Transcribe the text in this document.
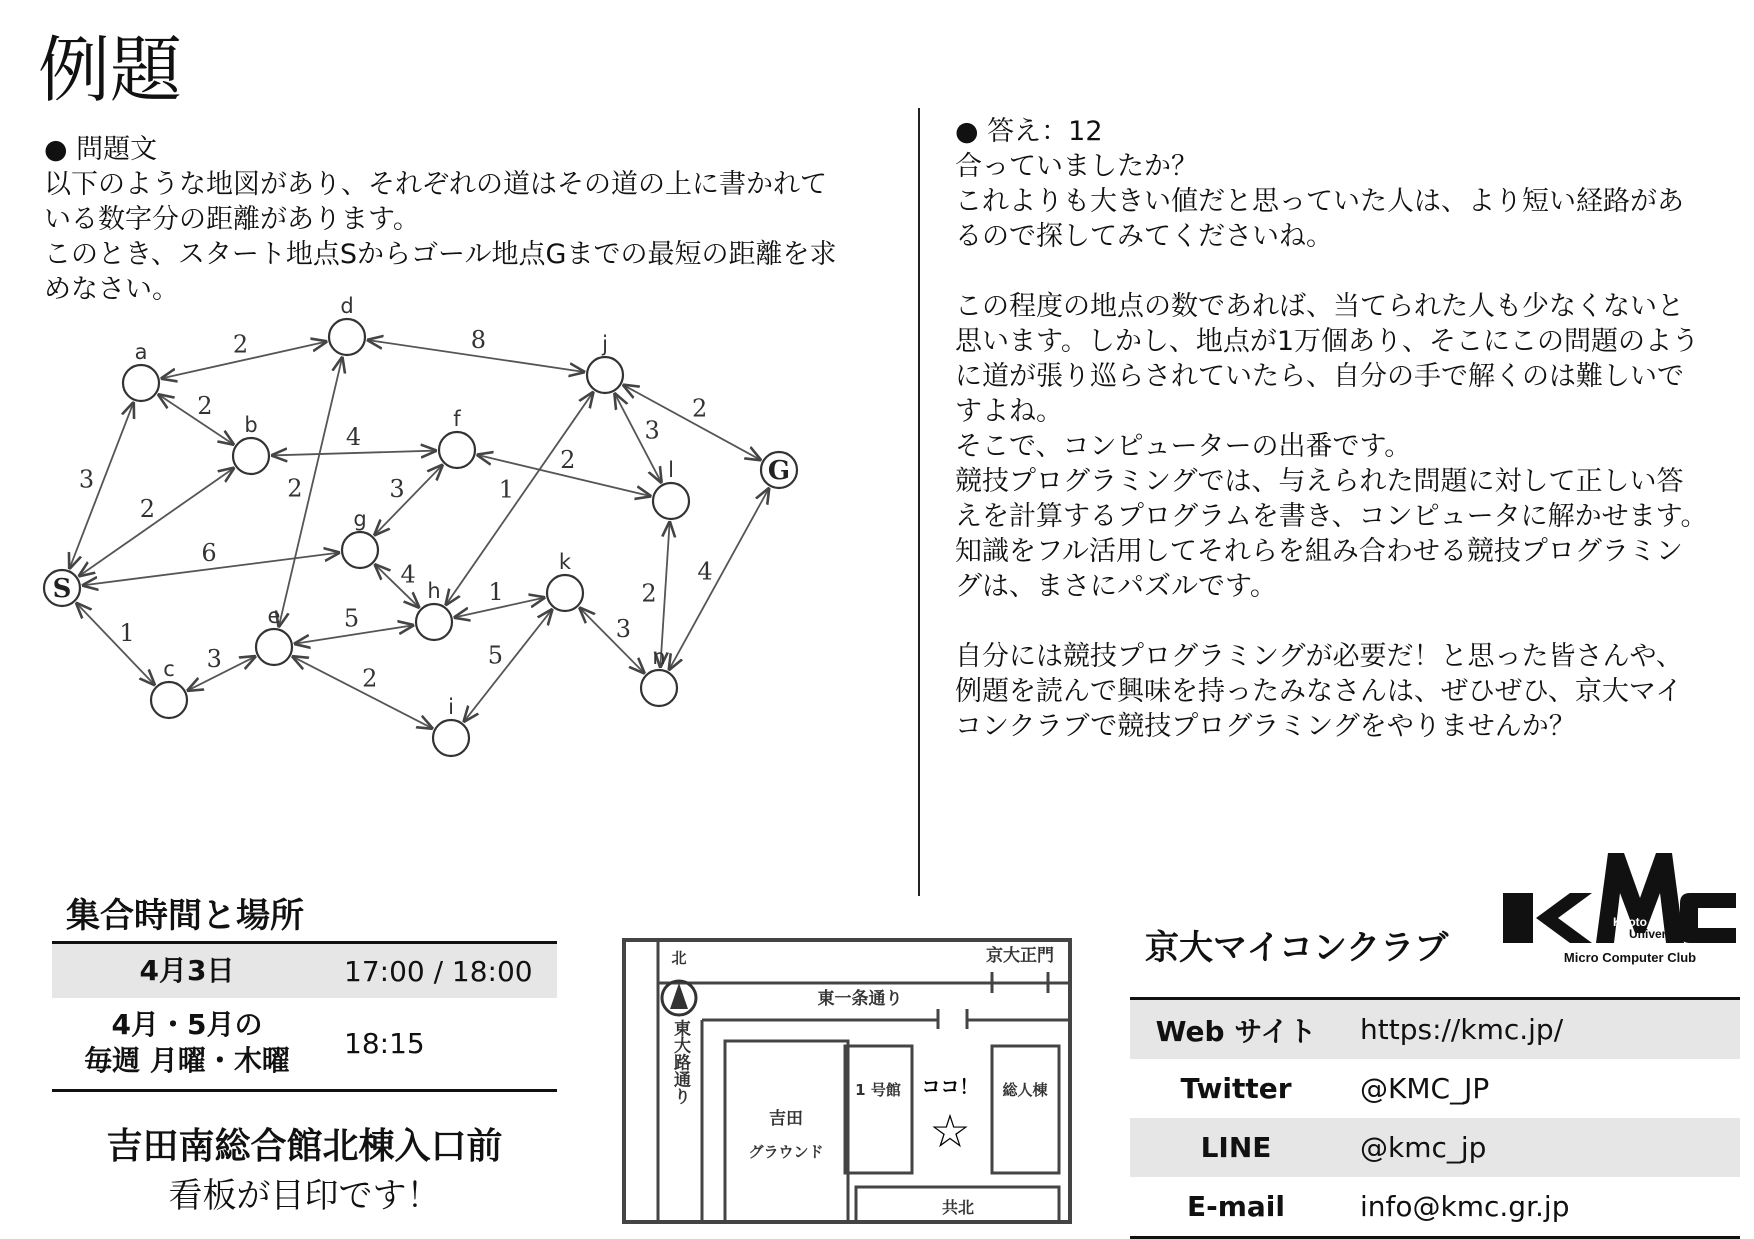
例題
● 問題文
以下のような地図があり、それぞれの道はその道の上に書かれて
いる数字分の距離があります。
このとき、スタート地点Sからゴール地点Gまでの最短の距離を求
めなさい。
3
2
6
1
2
2
4
8
2	3
2
4
1
1
5
3
2
5
3
3
2
2
4
S
a
b
c
d
e
f
g
h
i
j
k
l
n
G
● 答え：12
合っていましたか？
これよりも大きい値だと思っていた人は、より短い経路があ
るので探してみてくださいね。

この程度の地点の数であれば、当てられた人も少なくないと
思います。しかし、地点が1万個あり、そこにこの問題のよう
に道が張り巡らされていたら、自分の手で解くのは難しいで
すよね。
そこで、コンピューターの出番です。
競技プログラミングでは、与えられた問題に対して正しい答
えを計算するプログラムを書き、コンピュータに解かせます。
知識をフル活用してそれらを組み合わせる競技プログラミン
グは、まさにパズルです。

自分には競技プログラミングが必要だ！と思った皆さんや、
例題を読んで興味を持ったみなさんは、ぜひぜひ、京大マイ
コンクラブで競技プログラミングをやりませんか？
集合時間と場所
4月3日	17:00 / 18:00
4月・5月の
毎週 月曜・木曜	18:15
吉田南総合館北棟入口前
看板が目印です！
北	京大正門
東一条通り
東大路通り
吉田
グラウンド
1 号館	総人棟
ココ！
☆
共北
京大マイコンクラブ
Kyoto
University
Micro Computer Club
Web サイト	https://kmc.jp/
Twitter	@KMC_JP
LINE	@kmc_jp
E-mail	info@kmc.gr.jp
